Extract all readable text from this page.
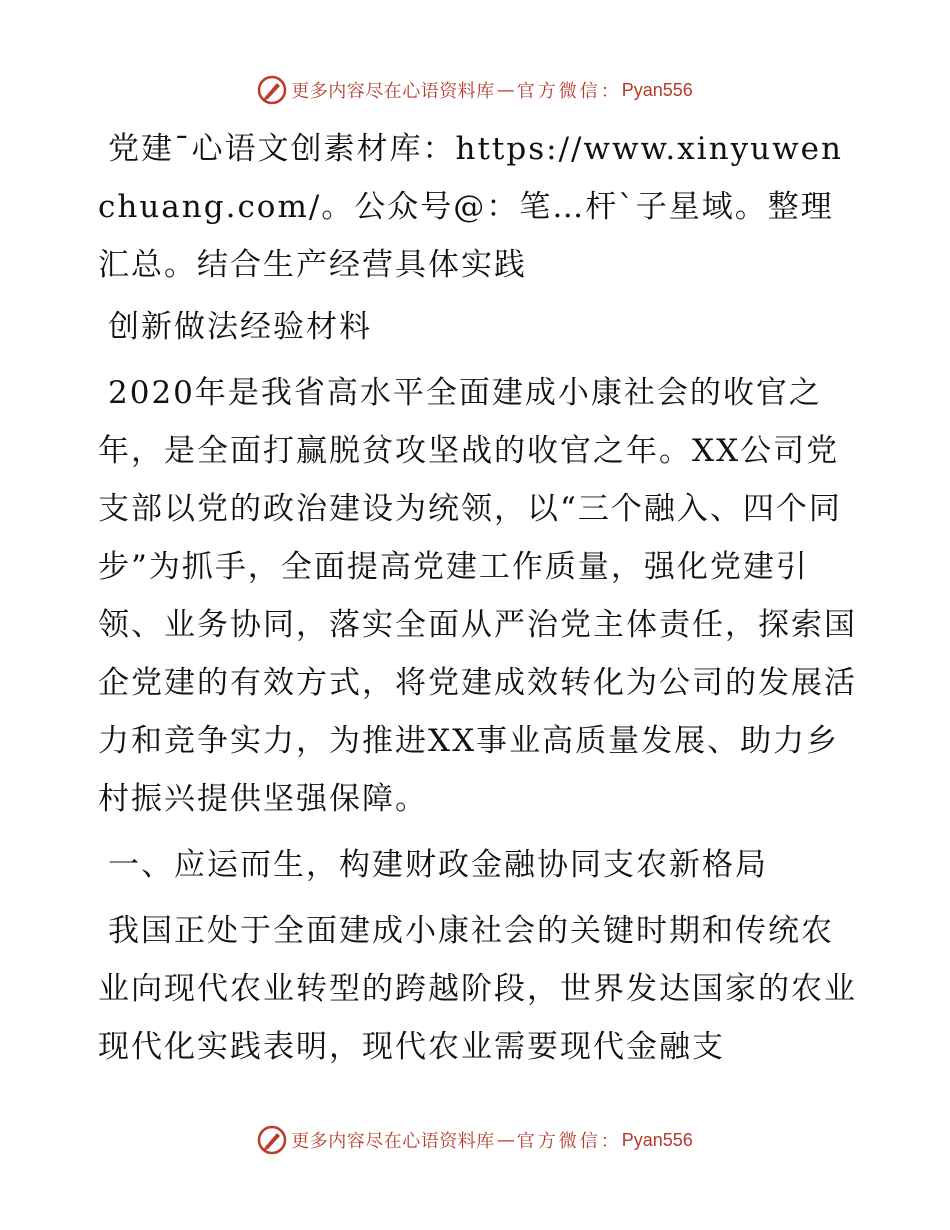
更多内容尽在心语资料库 — 官方微信： Pyan556

党建¯心语文创素材库：https://www.xinyuwenchuang.com/。公众号@：笔…杆`子星域。整理汇总。结合生产经营具体实践

创新做法经验材料

2020年是我省高水平全面建成小康社会的收官之年，是全面打赢脱贫攻坚战的收官之年。XX公司党支部以党的政治建设为统领，以“三个融入、四个同步”为抓手，全面提高党建工作质量，强化党建引领、业务协同，落实全面从严治党主体责任，探索国企党建的有效方式，将党建成效转化为公司的发展活力和竞争实力，为推进XX事业高质量发展、助力乡村振兴提供坚强保障。

一、应运而生，构建财政金融协同支农新格局

我国正处于全面建成小康社会的关键时期和传统农业向现代农业转型的跨越阶段，世界发达国家的农业现代化实践表明，现代农业需要现代金融支

更多内容尽在心语资料库 — 官方微信： Pyan556
